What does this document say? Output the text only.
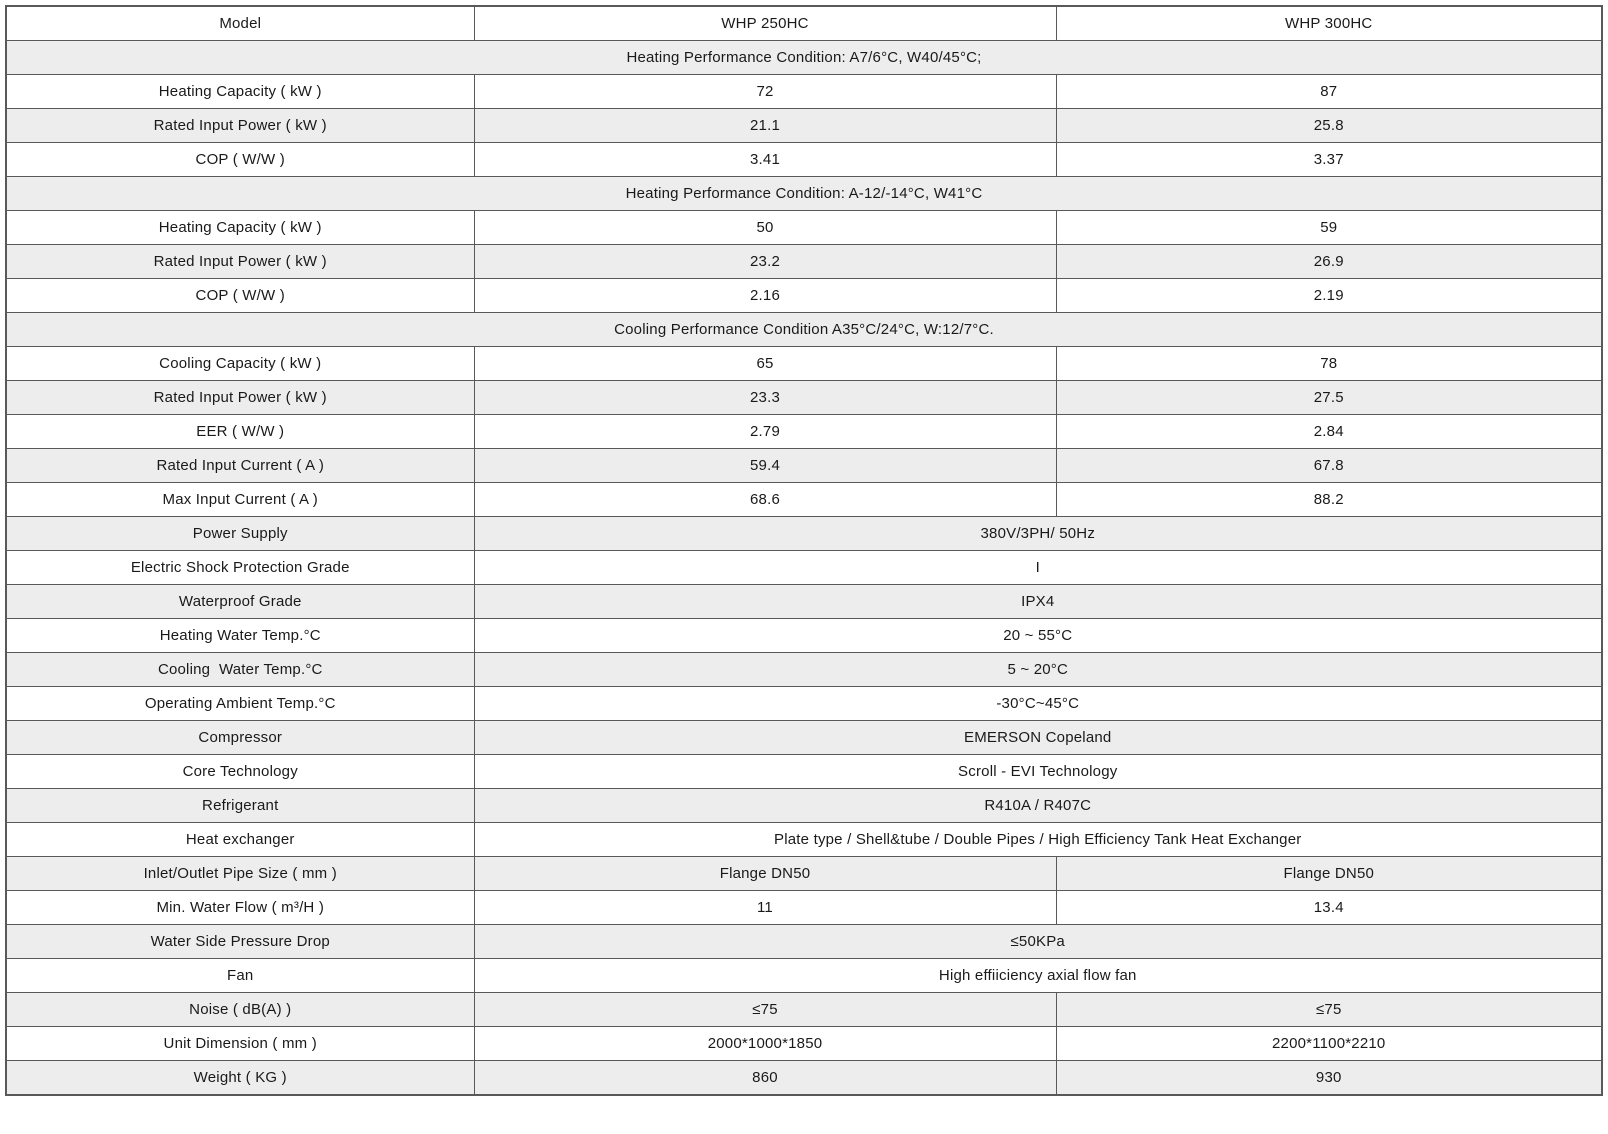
Model	WHP 250HC	WHP 300HC
Heating Performance Condition: A7/6°C, W40/45°C;		
Heating Capacity ( kW )	72	87
Rated Input Power ( kW )	21.1	25.8
COP ( W/W )	3.41	3.37
Heating Performance Condition: A-12/-14°C, W41°C		
Heating Capacity ( kW )	50	59
Rated Input Power ( kW )	23.2	26.9
COP ( W/W )	2.16	2.19
Cooling Performance Condition A35°C/24°C, W:12/7°C.		
Cooling Capacity ( kW )	65	78
Rated Input Power ( kW )	23.3	27.5
EER ( W/W )	2.79	2.84
Rated Input Current ( A )	59.4	67.8
Max Input Current ( A )	68.6	88.2
Power Supply	380V/3PH/ 50Hz	
Electric Shock Protection Grade	I	
Waterproof Grade	IPX4	
Heating Water Temp.°C	20 ~ 55°C	
Cooling  Water Temp.°C	5 ~ 20°C	
Operating Ambient Temp.°C	-30°C~45°C	
Compressor	EMERSON Copeland	
Core Technology	Scroll - EVI Technology	
Refrigerant	R410A / R407C	
Heat exchanger	Plate type / Shell&tube / Double Pipes / High Efficiency Tank Heat Exchanger	
Inlet/Outlet Pipe Size ( mm )	Flange DN50	Flange DN50
Min. Water Flow ( m³/H )	11	13.4
Water Side Pressure Drop	≤50KPa	
Fan	High effiiciency axial flow fan	
Noise ( dB(A) )	≤75	≤75
Unit Dimension ( mm )	2000*1000*1850	2200*1100*2210
Weight ( KG )	860	930
